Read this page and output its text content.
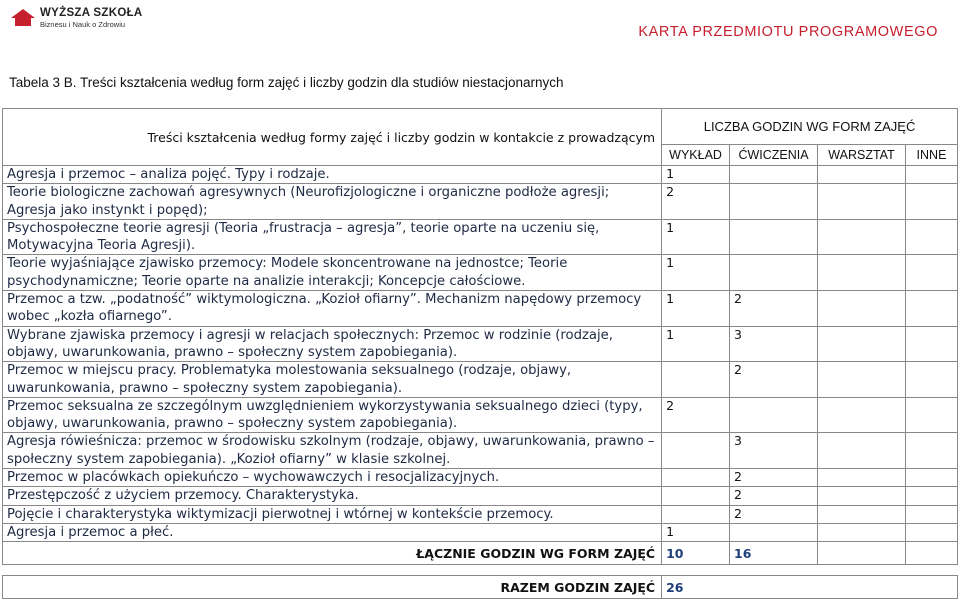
WYŻSZA SZKOŁA
Biznesu i Nauk o Zdrowiu	KARTA PRZEDMIOTU PROGRAMOWEGO
Tabela 3 B. Treści kształcenia według form zajęć i liczby godzin dla studiów niestacjonarnych
Treści kształcenia według formy zajęć i liczby godzin w kontakcie z prowadzącym	LICZBA GODZIN WG FORM ZAJĘĆ			
	WYKŁAD	ĆWICZENIA	WARSZTAT	INNE
Agresja i przemoc – analiza pojęć. Typy i rodzaje.	1			
Teorie biologiczne zachowań agresywnych (Neurofizjologiczne i organiczne podłoże agresji; Agresja jako instynkt i popęd);	2			
Psychospołeczne teorie agresji (Teoria „frustracja – agresja”, teorie oparte na uczeniu się, Motywacyjna Teoria Agresji).	1			
Teorie wyjaśniające zjawisko przemocy: Modele skoncentrowane na jednostce; Teorie psychodynamiczne; Teorie oparte na analizie interakcji; Koncepcje całościowe.	1			
Przemoc a tzw. „podatność” wiktymologiczna. „Kozioł ofiarny”. Mechanizm napędowy przemocy wobec „kozła ofiarnego”.	1	2		
Wybrane zjawiska przemocy i agresji w relacjach społecznych: Przemoc w rodzinie (rodzaje, objawy, uwarunkowania, prawno – społeczny system zapobiegania).	1	3		
Przemoc w miejscu pracy. Problematyka molestowania seksualnego (rodzaje, objawy, uwarunkowania, prawno – społeczny system zapobiegania).		2		
Przemoc seksualna ze szczególnym uwzględnieniem wykorzystywania seksualnego dzieci (typy, objawy, uwarunkowania, prawno – społeczny system zapobiegania).	2			
Agresja rówieśnicza: przemoc w środowisku szkolnym (rodzaje, objawy, uwarunkowania, prawno – społeczny system zapobiegania). „Kozioł ofiarny” w klasie szkolnej.		3		
Przemoc w placówkach opiekuńczo – wychowawczych i resocjalizacyjnych.		2		
Przestępczość z użyciem przemocy. Charakterystyka.		2		
Pojęcie i charakterystyka wiktymizacji pierwotnej i wtórnej w kontekście przemocy.		2		
Agresja i przemoc a płeć.	1			
ŁĄCZNIE GODZIN WG FORM ZAJĘĆ	10	16		

RAZEM GODZIN ZAJĘĆ	26			
